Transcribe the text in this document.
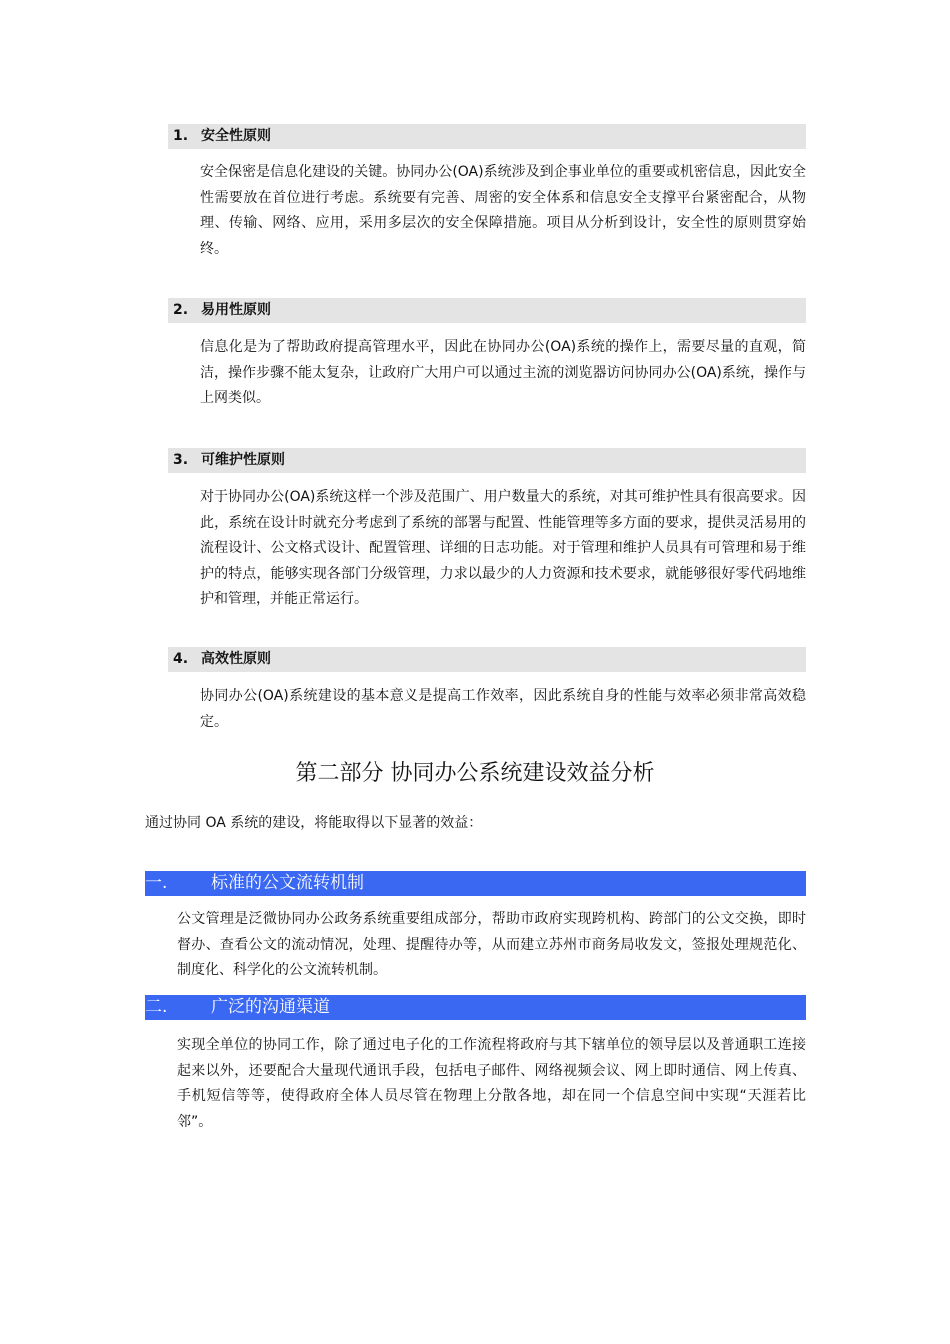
1. 安全性原则
安全保密是信息化建设的关键。协同办公(OA)系统涉及到企事业单位的重要或机密信息，因此安全性需要放在首位进行考虑。系统要有完善、周密的安全体系和信息安全支撑平台紧密配合，从物理、传输、网络、应用，采用多层次的安全保障措施。项目从分析到设计，安全性的原则贯穿始终。
2. 易用性原则
信息化是为了帮助政府提高管理水平，因此在协同办公(OA)系统的操作上，需要尽量的直观，简洁，操作步骤不能太复杂，让政府广大用户可以通过主流的浏览器访问协同办公(OA)系统，操作与上网类似。
3. 可维护性原则
对于协同办公(OA)系统这样一个涉及范围广、用户数量大的系统，对其可维护性具有很高要求。因此，系统在设计时就充分考虑到了系统的部署与配置、性能管理等多方面的要求，提供灵活易用的流程设计、公文格式设计、配置管理、详细的日志功能。对于管理和维护人员具有可管理和易于维护的特点，能够实现各部门分级管理，力求以最少的人力资源和技术要求，就能够很好零代码地维护和管理，并能正常运行。
4. 高效性原则
协同办公(OA)系统建设的基本意义是提高工作效率，因此系统自身的性能与效率必须非常高效稳定。
第二部分 协同办公系统建设效益分析
通过协同 OA 系统的建设，将能取得以下显著的效益：
一.	标准的公文流转机制
公文管理是泛微协同办公政务系统重要组成部分，帮助市政府实现跨机构、跨部门的公文交换，即时督办、查看公文的流动情况，处理、提醒待办等，从而建立苏州市商务局收发文，签报处理规范化、制度化、科学化的公文流转机制。
二.	广泛的沟通渠道
实现全单位的协同工作，除了通过电子化的工作流程将政府与其下辖单位的领导层以及普通职工连接起来以外，还要配合大量现代通讯手段，包括电子邮件、网络视频会议、网上即时通信、网上传真、手机短信等等，使得政府全体人员尽管在物理上分散各地，却在同一个信息空间中实现“天涯若比邻”。
